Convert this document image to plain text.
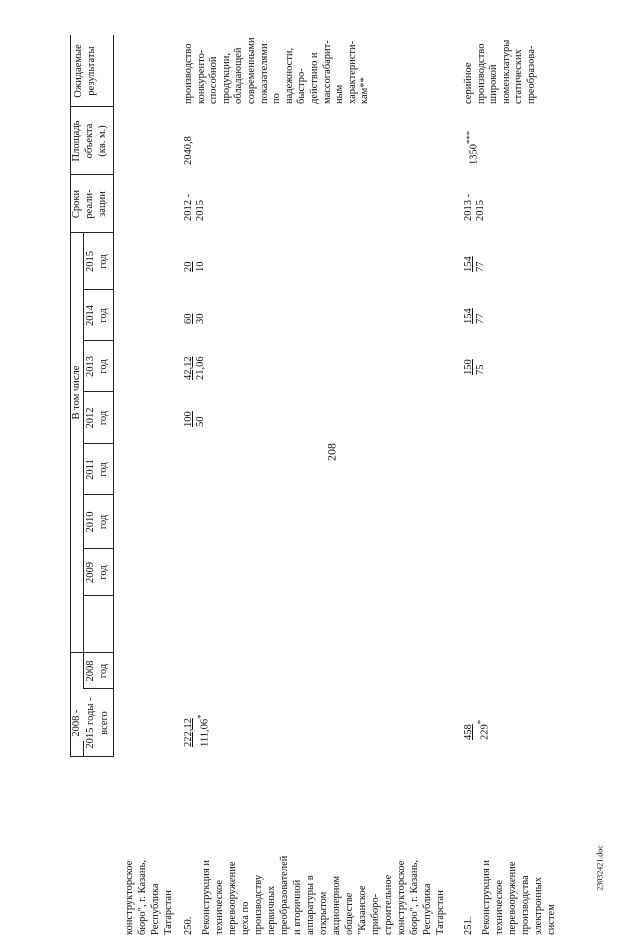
208
23032421.doc
2008 - 2015 годы - всего
В том числе
2008 год
2009 год
2010 год
2011 год
2012 год
2013 год
2014 год
2015 год
Сроки реали- зации
Площадь объекта (кв. м.)
Ожидаемые результаты
конструкторское бюро", г. Казань, Республика Татарстан 250. Реконструкция и техническое перевооружение цеха по производству первичных преобразователей и вторичной аппаратуры в открытом акционерном обществе "Казанское приборо- строительное конструкторское бюро", г. Казань, Республика Татарстан
222,12 111,06*
100 50
42,12 21,06
60 30
20 10
2012 - 2015
2040,8
производство конкуренто- способной продукции, обладающей современными показателями по надежности, быстро- действию и массогабарит- ным характеристи- кам**
251. Реконструкция и техническое перевооружение производства электронных систем
458 229*
150 75
154 77
154 77
2013 - 2015
1350***
серийное производство широкой номенклатуры статических преобразова-
